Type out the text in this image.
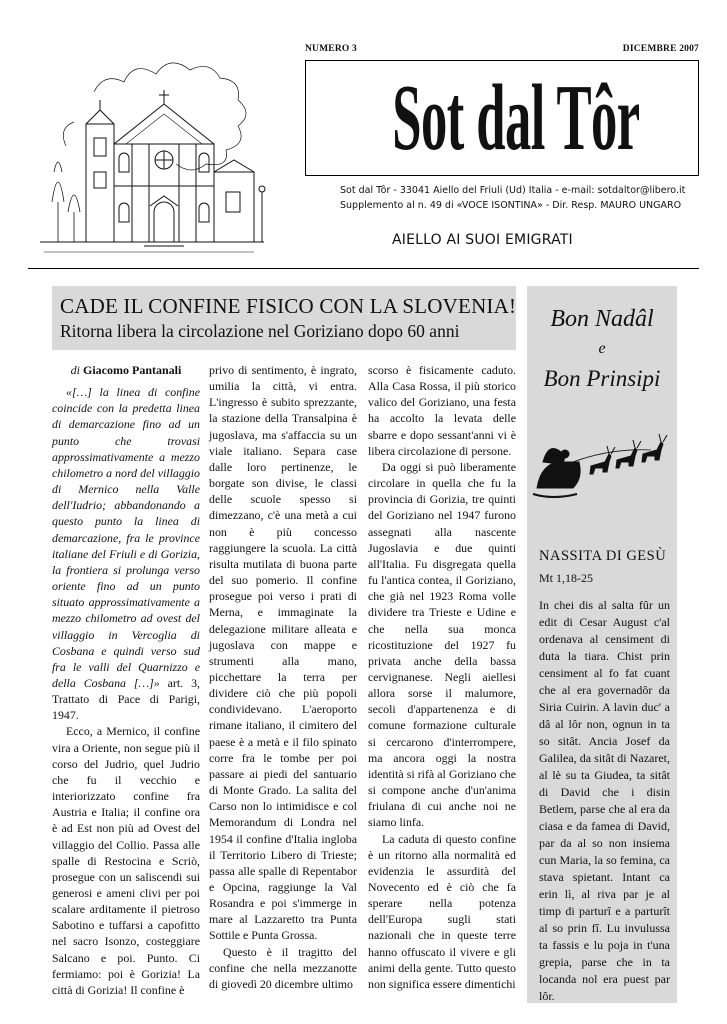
NUMERO 3	DICEMBRE 2007
Sot dal Tôr
Sot dal Tôr - 33041 Aiello del Friuli (Ud) Italia - e-mail: sotdaltor@libero.it
Supplemento al n. 49 di «VOCE ISONTINA» - Dir. Resp. MAURO UNGARO
AIELLO AI SUOI EMIGRATI
CADE IL CONFINE FISICO CON LA SLOVENIA!
Ritorna libera la circolazione nel Goriziano dopo 60 anni
di Giacomo Pantanali

«[…] la linea di confine coincide con la predetta linea di demarcazione fino ad un punto che trovasi approssimativamente a mezzo chilometro a nord del villaggio di Mernico nella Valle dell'Iudrio; abbandonando a questo punto la linea di demarcazione, fra le province italiane del Friuli e di Gorizia, la frontiera si prolunga verso oriente fino ad un punto situato approssimativamente a mezzo chilometro ad ovest del villaggio in Vercoglia di Cosbana e quindi verso sud fra le valli del Quarnizzo e della Cosbana […]» art. 3, Trattato di Pace di Parigi, 1947.

Ecco, a Mernico, il confine vira a Oriente, non segue più il corso del Judrio, quel Judrio che fu il vecchio e interiorizzato confine fra Austria e Italia; il confine ora è ad Est non più ad Ovest del villaggio del Collio. Passa alle spalle di Restocina e Scriò, prosegue con un saliscendi sui generosi e ameni clivi per poi scalare arditamente il pietroso Sabotino e tuffarsi a capofitto nel sacro Isonzo, costeggiare Salcano e poi. Punto. Ci fermiamo: poi è Gorizia! La città di Gorizia! Il confine è

privo di sentimento, è ingrato, umilia la città, vi entra. L'ingresso è subito sprezzante, la stazione della Transalpina è jugoslava, ma s'affaccia su un viale italiano. Separa case dalle loro pertinenze, le borgate son divise, le classi delle scuole spesso si dimezzano, c'è una metà a cui non è più concesso raggiungere la scuola. La città risulta mutilata di buona parte del suo pomerio. Il confine prosegue poi verso i prati di Merna, e immaginate la delegazione militare alleata e jugoslava con mappe e strumenti alla mano, picchettare la terra per dividere ciò che più popoli condividevano. L'aeroporto rimane italiano, il cimitero del paese è a metà e il filo spinato corre fra le tombe per poi passare ai piedi del santuario di Monte Grado. La salita del Carso non lo intimidisce e col Memorandum di Londra nel 1954 il confine d'Italia ingloba il Territorio Libero di Trieste; passa alle spalle di Repentabor e Opcina, raggiunge la Val Rosandra e poi s'immerge in mare al Lazzaretto tra Punta Sottile e Punta Grossa.

Questo è il tragitto del confine che nella mezzanotte di giovedì 20 dicembre ultimo

scorso è fisicamente caduto. Alla Casa Rossa, il più storico valico del Goriziano, una festa ha accolto la levata delle sbarre e dopo sessant'anni vi è libera circolazione di persone.

Da oggi si può liberamente circolare in quella che fu la provincia di Gorizia, tre quinti del Goriziano nel 1947 furono assegnati alla nascente Jugoslavia e due quinti all'Italia. Fu disgregata quella fu l'antica contea, il Goriziano, che già nel 1923 Roma volle dividere tra Trieste e Udine e che nella sua monca ricostituzione del 1927 fu privata anche della bassa cervignanese. Negli aiellesi allora sorse il malumore, secoli d'appartenenza e di comune formazione culturale si cercarono d'interrompere, ma ancora oggi la nostra identità si rifà al Goriziano che si compone anche d'un'anima friulana di cui anche noi ne siamo linfa.

La caduta di questo confine è un ritorno alla normalità ed evidenzia le assurdità del Novecento ed è ciò che fa sperare nella potenza dell'Europa sugli stati nazionali che in queste terre hanno offuscato il vivere e gli animi della gente. Tutto questo non significa essere dimentichi

Bon Nadâl
e
Bon Prinsipi
NASSITA DI GESÙ
Mt 1,18-25
In chei dis al salta fûr un edit di Cesar August c'al ordenava al censiment di duta la tiara. Chist prin censiment al fo fat cuant che al era governadôr da Siria Cuirin. A lavin duc' a dâ al lôr non, ognun in ta so sitât. Ancia Josef da Galilea, da sitât di Nazaret, al lè su ta Giudea, ta sitât di David che i disin Betlem, parse che al era da ciasa e da famea di David, par da al so non insiema cun Maria, la so femina, ca stava spietant. Intant ca erin lì, al riva par je al timp di parturî e a parturît al so prin fî. Lu invulussa ta fassis e lu poja in t'una grepia, parse che in ta locanda nol era puest par lôr.
